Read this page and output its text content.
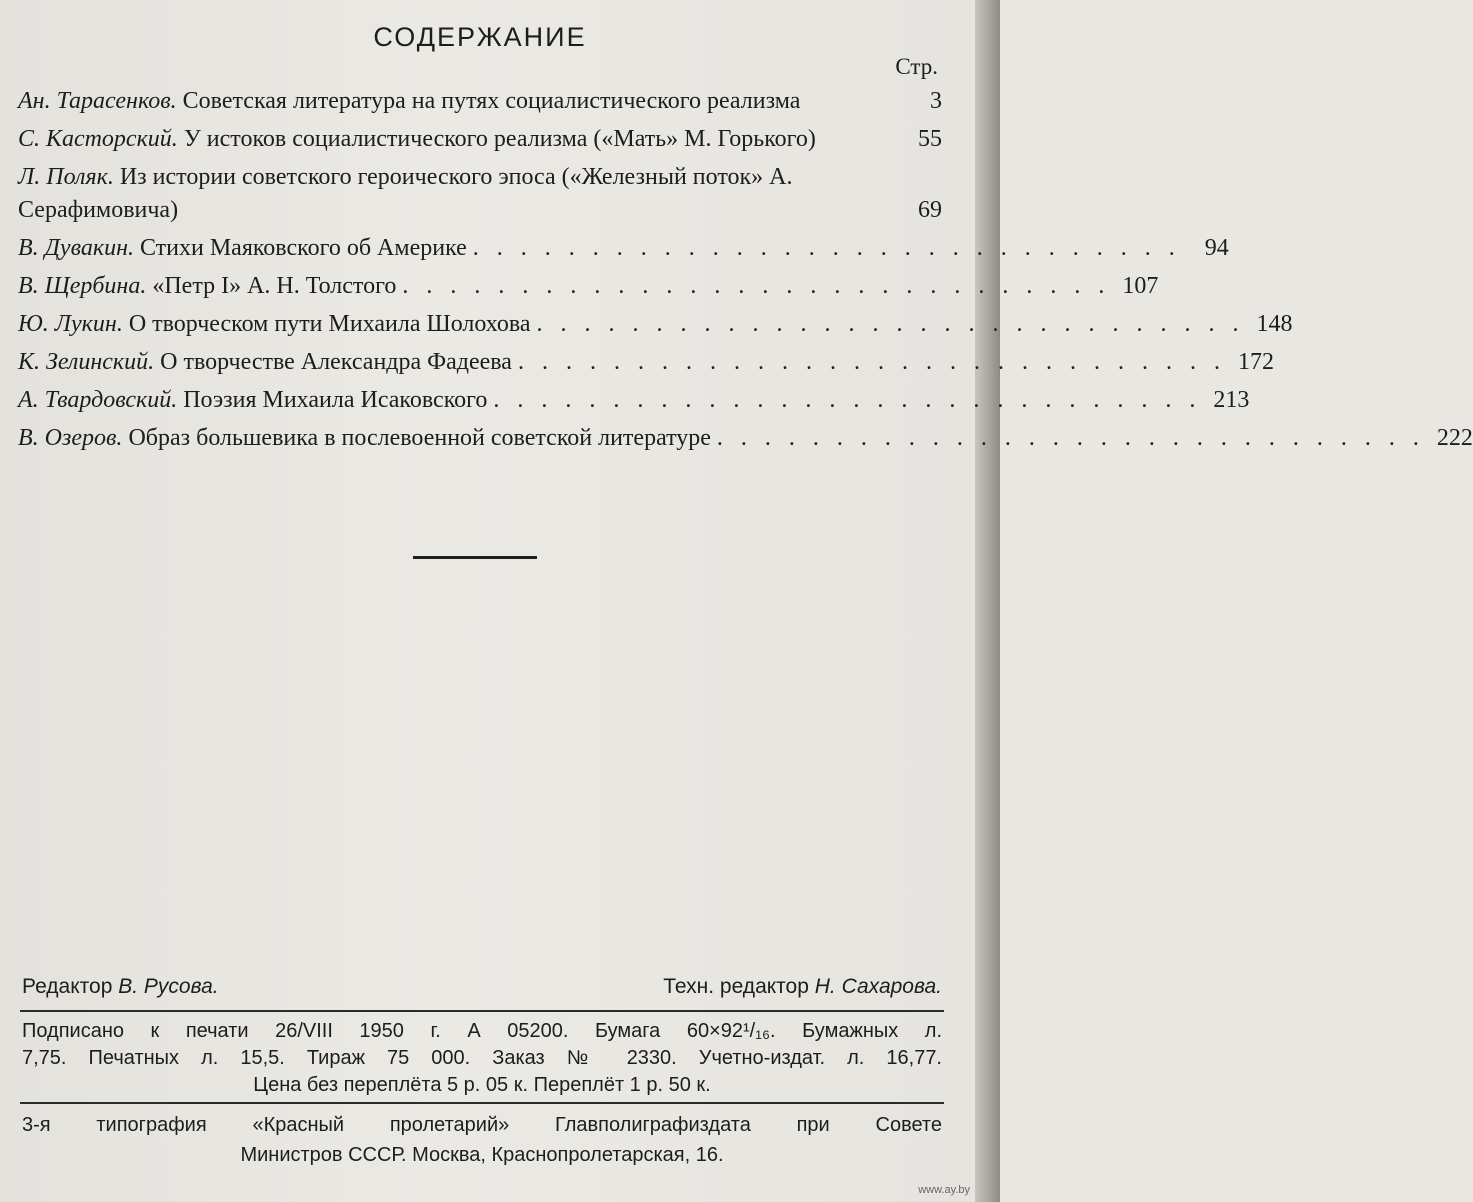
СОДЕРЖАНИЕ
Стр.
Ан. Тарасенков. Советская литература на путях социалистического реализма	3
С. Касторский. У истоков социалистического реализма («Мать» М. Горького)	55
Л. Поляк. Из истории советского героического эпоса («Железный поток» А. Серафимовича)	69
В. Дувакин. Стихи Маяковского об Америке . . . . . . . . . . . . . . . . . . . . . . . . . . . . . .	94
В. Щербина. «Петр I» А. Н. Толстого . . . . . . . . . . . . . . . . . . . . . . . . . . . . . . 107
Ю. Лукин. О творческом пути Михаила Шолохова . . . . . . . . . . . . . . . . . . . . . . . . . . . . . . 148
К. Зелинский. О творчестве Александра Фадеева . . . . . . . . . . . . . . . . . . . . . . . . . . . . . . 172
А. Твардовский. Поэзия Михаила Исаковского . . . . . . . . . . . . . . . . . . . . . . . . . . . . . . 213
В. Озеров. Образ большевика в послевоенной советской литературе . . . . . . . . . . . . . . . . . . . . . . . . . . . . . . 222
Редактор В. Русова.	Техн. редактор Н. Сахарова.
Подписано к печати 26/VIII 1950 г. А 05200. Бумага 60×92¹/₁₆. Бумажных л.
7,75. Печатных л. 15,5. Тираж 75 000. Заказ № 2330. Учетно-издат. л. 16,77.
Цена без переплёта 5 р. 05 к. Переплёт 1 р. 50 к.
3-я типография «Красный пролетарий» Главполиграфиздата при Совете
Министров СССР. Москва, Краснопролетарская, 16.
www.ay.by
